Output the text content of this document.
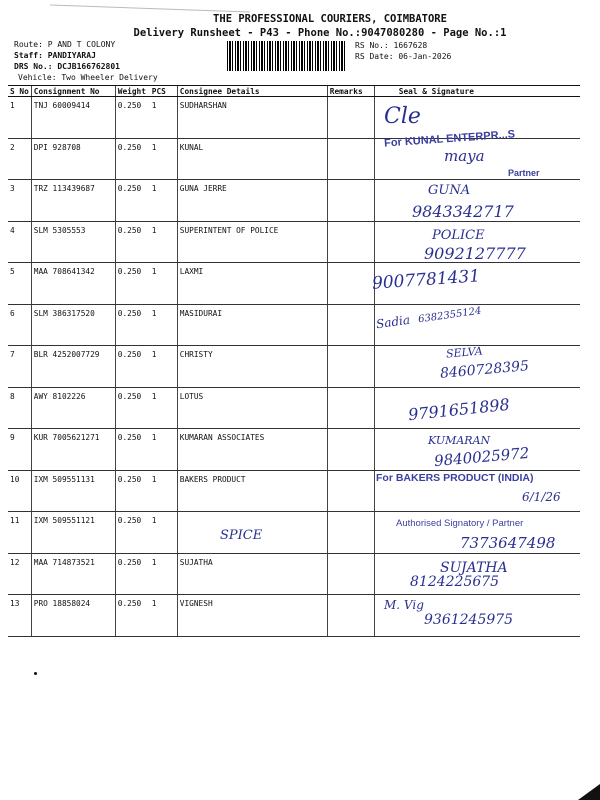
THE PROFESSIONAL COURIERS, COIMBATORE
Delivery Runsheet - P43 - Phone No.:9047080280 - Page No.:1
Route: P AND T COLONY
Staff: PANDIYARAJ
DRS No.: DCJB166762801
Vehicle: Two Wheeler Delivery
RS No.: 1667628
RS Date: 06-Jan-2026
S No	Consignment No	Weight	PCS	Consignee Details	Remarks	Seal & Signature
1	TNJ 60009414	0.250	1	SUDHARSHAN		
2	DPI 928708	0.250	1	KUNAL		
3	TRZ 113439687	0.250	1	GUNA JERRE		
4	SLM 5305553	0.250	1	SUPERINTENT OF POLICE		
5	MAA 708641342	0.250	1	LAXMI		
6	SLM 386317520	0.250	1	MASIDURAI		
7	BLR 4252007729	0.250	1	CHRISTY		
8	AWY 8102226	0.250	1	LOTUS		
9	KUR 7005621271	0.250	1	KUMARAN ASSOCIATES		
10	IXM 509551131	0.250	1	BAKERS PRODUCT		
11	IXM 509551121	0.250	1			
12	MAA 714873521	0.250	1	SUJATHA		
13	PRO 18858024	0.250	1	VIGNESH		
Cle
For KUNAL ENTERPR...S
maya
Partner
GUNA
9843342717
POLICE
9092127777
9007781431
Sadia 6382355124
SELVA
8460728395
9791651898
KUMARAN
9840025972
For BAKERS PRODUCT (INDIA)
6/1/26
SPICE
Authorised Signatory / Partner
7373647498
SUJATHA
8124225675
M. Vig
9361245975
